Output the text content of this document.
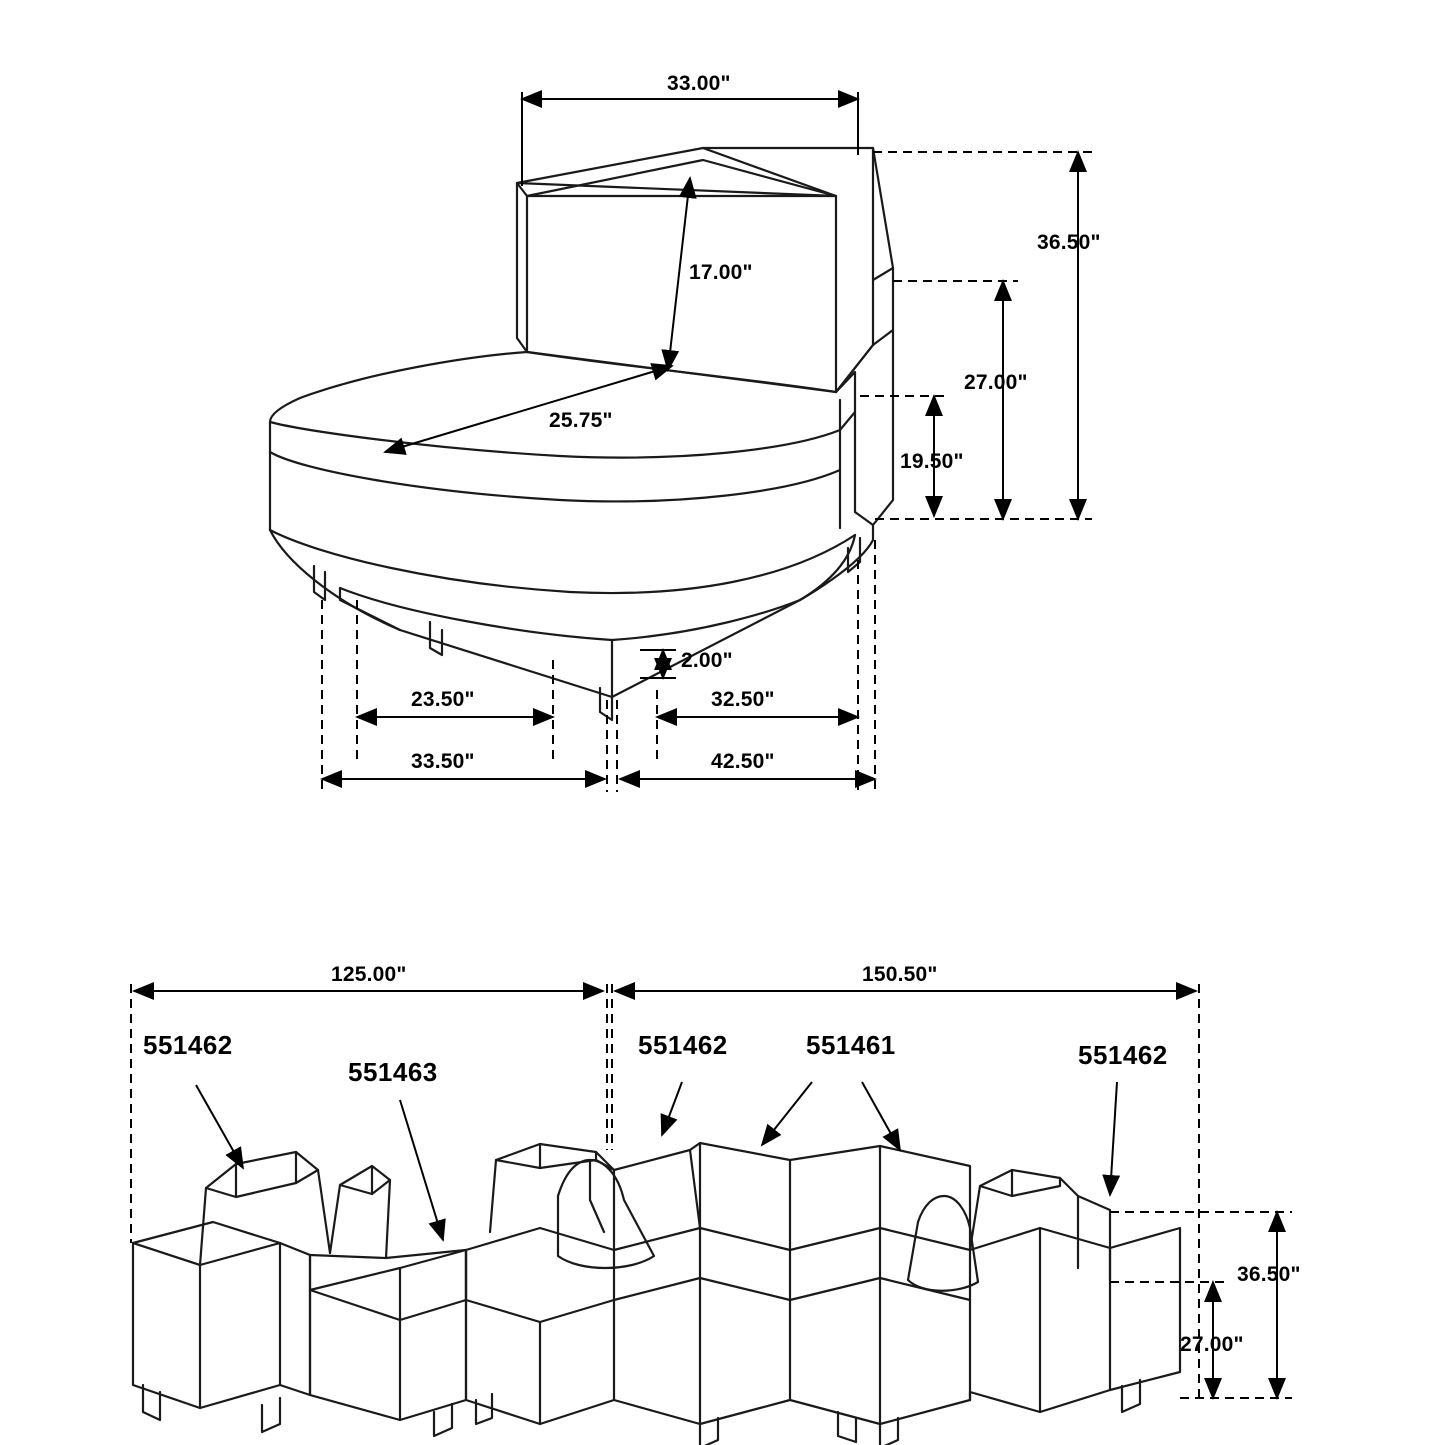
33.00"
36.50"
17.00"
27.00"
25.75"
19.50"
2.00"
23.50"	32.50"
33.50"	42.50"
125.00"	150.50"
36.50"
27.00"
551462
551463
551462	551461	551462
